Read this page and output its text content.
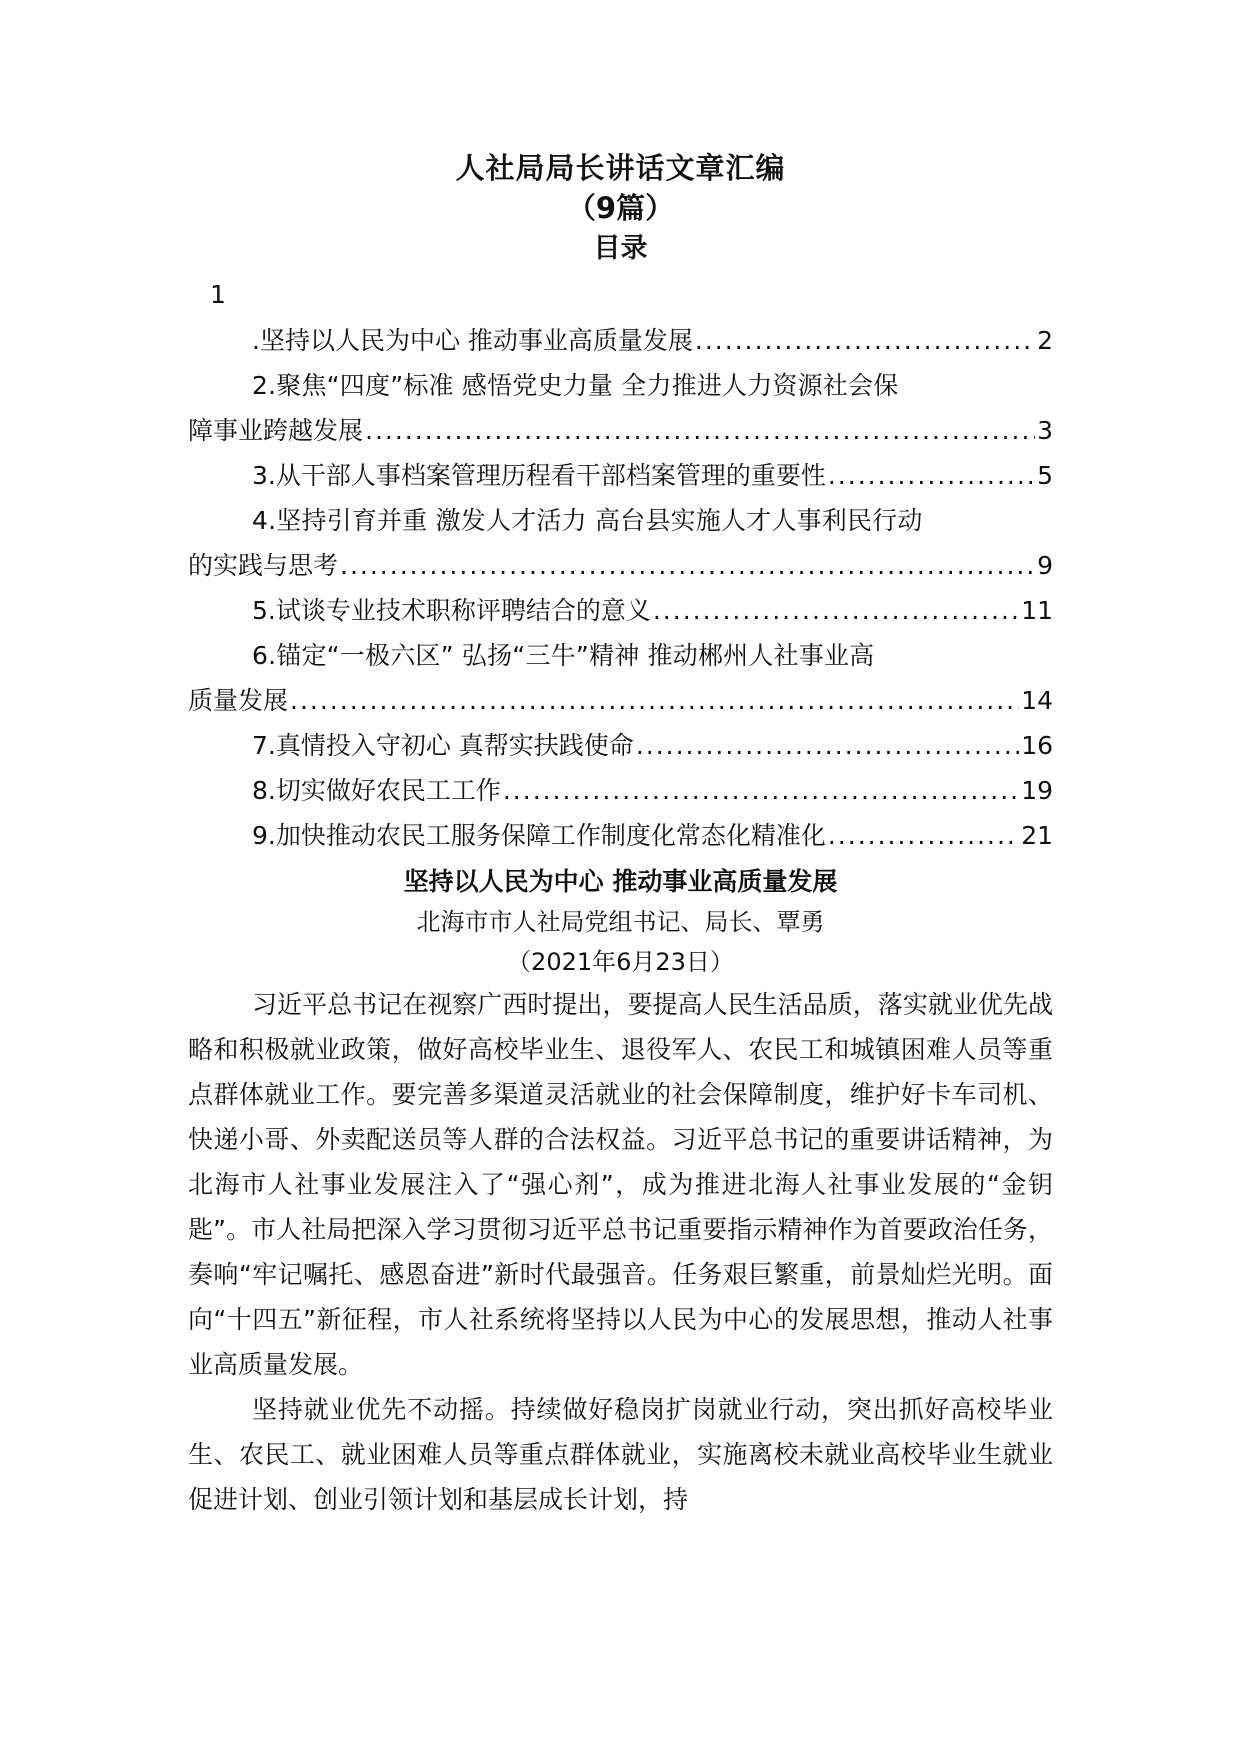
人社局局长讲话文章汇编
（9篇）
目录
1
.坚持以人民为中心 推动事业高质量发展 .....	2
2.聚焦“四度”标准 感悟党史力量 全力推进人力资源社会保
障事业跨越发展 .....	3
3.从干部人事档案管理历程看干部档案管理的重要性 .....	5
4.坚持引育并重 激发人才活力 高台县实施人才人事利民行动
的实践与思考 .....	9
5.试谈专业技术职称评聘结合的意义 .....	11
6.锚定“一极六区” 弘扬“三牛”精神 推动郴州人社事业高
质量发展 .....	14
7.真情投入守初心 真帮实扶践使命 .....	16
8.切实做好农民工工作 .....	19
9.加快推动农民工服务保障工作制度化常态化精准化 .....	21
坚持以人民为中心 推动事业高质量发展
北海市市人社局党组书记、局长、覃勇
（2021年6月23日）

习近平总书记在视察广西时提出，要提高人民生活品质，落实就业优先战略和积极就业政策，做好高校毕业生、退役军人、农民工和城镇困难人员等重点群体就业工作。要完善多渠道灵活就业的社会保障制度，维护好卡车司机、快递小哥、外卖配送员等人群的合法权益。习近平总书记的重要讲话精神，为北海市人社事业发展注入了“强心剂”，成为推进北海人社事业发展的“金钥匙”。市人社局把深入学习贯彻习近平总书记重要指示精神作为首要政治任务，奏响“牢记嘱托、感恩奋进”新时代最强音。任务艰巨繁重，前景灿烂光明。面向“十四五”新征程，市人社系统将坚持以人民为中心的发展思想，推动人社事业高质量发展。

坚持就业优先不动摇。持续做好稳岗扩岗就业行动，突出抓好高校毕业生、农民工、就业困难人员等重点群体就业，实施离校未就业高校毕业生就业促进计划、创业引领计划和基层成长计划，持
